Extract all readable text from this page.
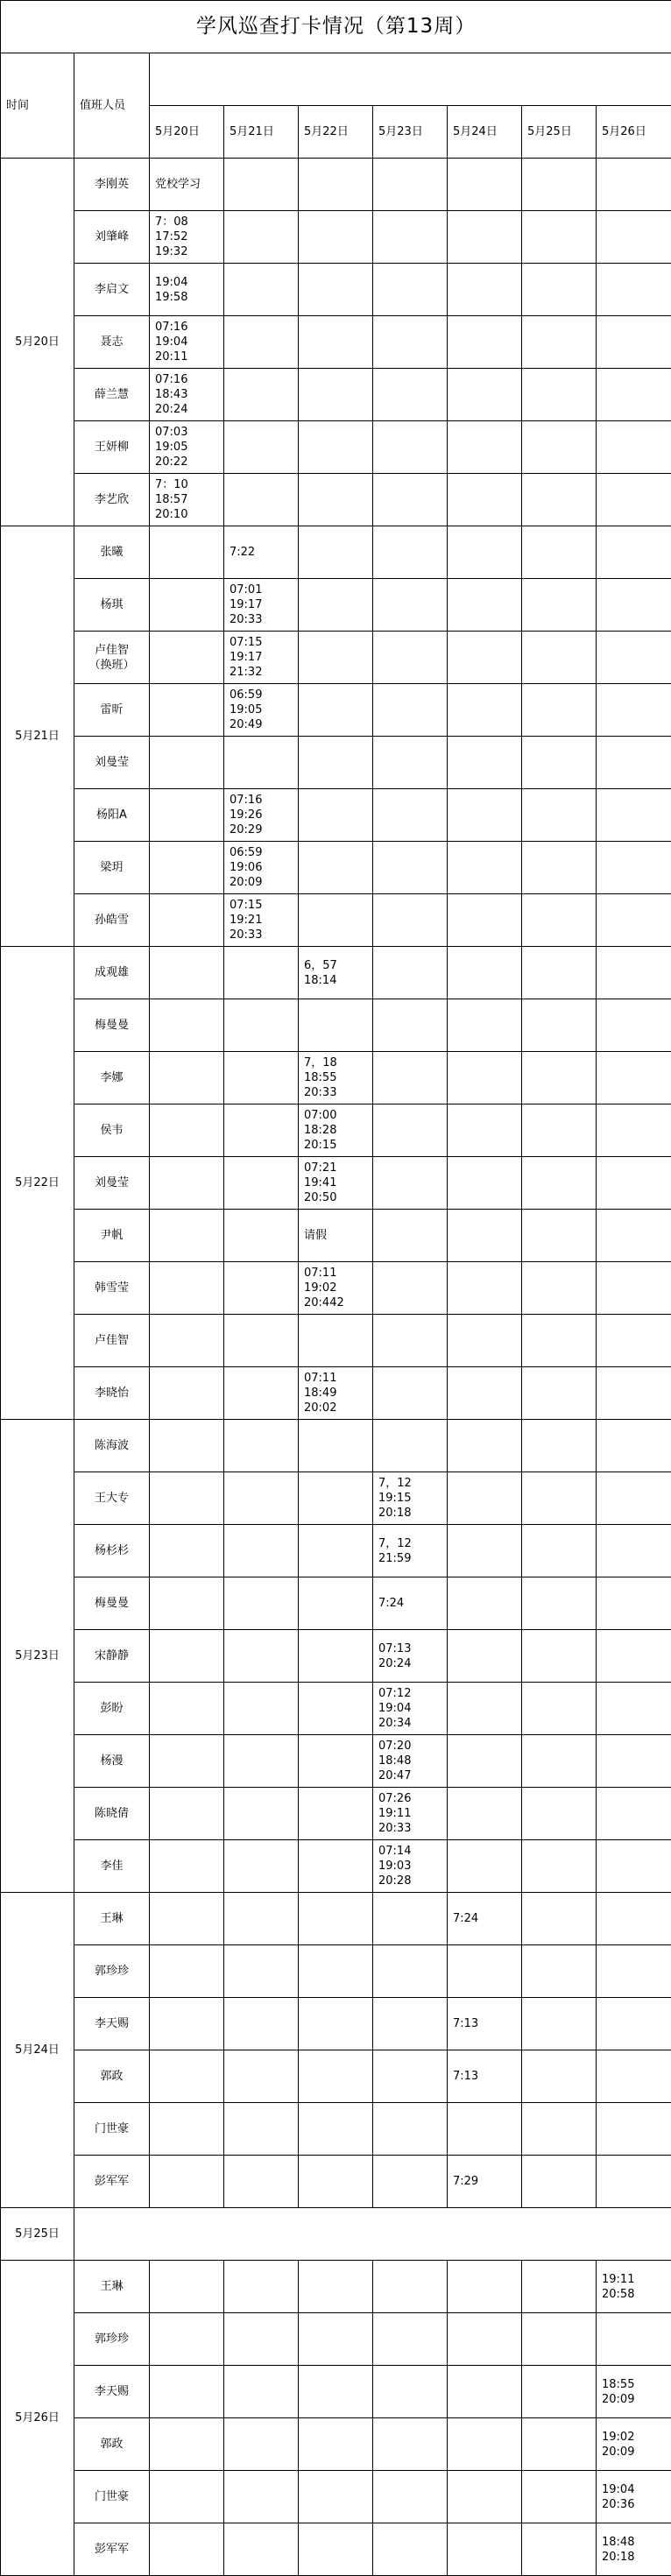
学风巡查打卡情况（第13周）								
时间	值班人员							
		5月20日	5月21日	5月22日	5月23日	5月24日	5月25日	5月26日
5月20日	李刚英	党校学习						
	刘肇峰	7：08
17:52
19:32						
	李启文	19:04
19:58						
	聂志	07:16
19:04
20:11						
	薛兰慧	07:16
18:43
20:24						
	王妍柳	07:03
19:05
20:22						
	李艺欣	7：10
18:57
20:10						
5月21日	张曦		7:22					
	杨琪		07:01
19:17
20:33					
	卢佳智
（换班）		07:15
19:17
21:32					
	雷昕		06:59
19:05
20:49					
	刘曼莹							
	杨阳A		07:16
19:26
20:29					
	梁玥		06:59
19:06
20:09					
	孙皓雪		07:15
19:21
20:33					
5月22日	成观雄			6，57
18:14				
	梅曼曼							
	李娜			7，18
18:55
20:33				
	侯韦			07:00
18:28
20:15				
	刘曼莹			07:21
19:41
20:50				
	尹帆			请假				
	韩雪莹			07:11
19:02
20:442				
	卢佳智							
	李晓怡			07:11
18:49
20:02				
5月23日	陈海波							
	王大专				7，12
19:15
20:18			
	杨杉杉				7，12
21:59			
	梅曼曼				7:24			
	宋静静				07:13
20:24			
	彭盼				07:12
19:04
20:34			
	杨漫				07:20
18:48
20:47			
	陈晓倩				07:26
19:11
20:33			
	李佳				07:14
19:03
20:28			
5月24日	王琳					7:24		
	郭珍珍							
	李天赐					7:13		
	郭政					7:13		
	门世豪							
	彭军军					7:29		
5月25日								
5月26日	王琳							19:11
20:58
	郭珍珍							
	李天赐							18:55
20:09
	郭政							19:02
20:09
	门世豪							19:04
20:36
	彭军军							18:48
20:18
